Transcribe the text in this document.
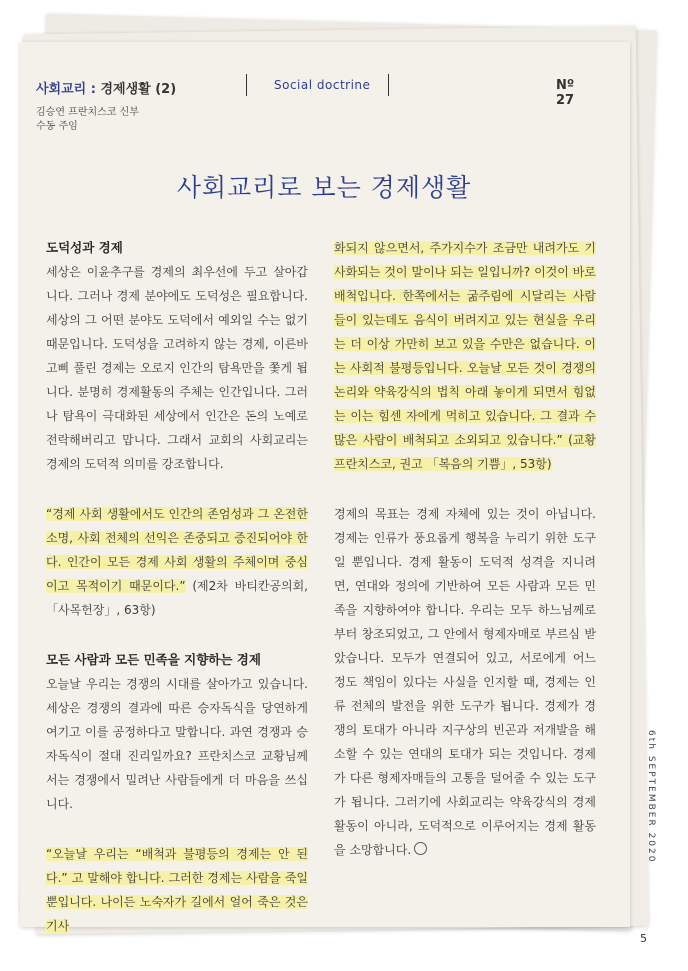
사회교리 : 경제생활 (2)	Social doctrine	Nº 27
김승연 프란치스코 신부
수동 주임
사회교리로 보는 경제생활
도덕성과 경제

세상은 이윤추구를 경제의 최우선에 두고 살아갑니다. 그러나 경제 분야에도 도덕성은 필요합니다. 세상의 그 어떤 분야도 도덕에서 예외일 수는 없기 때문입니다. 도덕성을 고려하지 않는 경제, 이른바 고삐 풀린 경제는 오로지 인간의 탐욕만을 쫓게 됩니다. 분명히 경제활동의 주체는 인간입니다. 그러나 탐욕이 극대화된 세상에서 인간은 돈의 노예로 전락해버리고 맙니다. 그래서 교회의 사회교리는 경제의 도덕적 의미를 강조합니다.

“경제 사회 생활에서도 인간의 존엄성과 그 온전한 소명, 사회 전체의 선익은 존중되고 증진되어야 한다. 인간이 모든 경제 사회 생활의 주체이며 중심이고 목적이기 때문이다.” (제2차 바티칸공의회, 「사목헌장」, 63항)

모든 사람과 모든 민족을 지향하는 경제

오늘날 우리는 경쟁의 시대를 살아가고 있습니다. 세상은 경쟁의 결과에 따른 승자독식을 당연하게 여기고 이를 공정하다고 말합니다. 과연 경쟁과 승자독식이 절대 진리일까요? 프란치스코 교황님께서는 경쟁에서 밀려난 사람들에게 더 마음을 쓰십니다.

“오늘날 우리는 “배척과 불평등의 경제는 안 된다.” 고 말해야 합니다. 그러한 경제는 사람을 죽일 뿐입니다. 나이든 노숙자가 길에서 얼어 죽은 것은 기사

화되지 않으면서, 주가지수가 조금만 내려가도 기사화되는 것이 말이나 되는 일입니까? 이것이 바로 배척입니다. 한쪽에서는 굶주림에 시달리는 사람들이 있는데도 음식이 버려지고 있는 현실을 우리는 더 이상 가만히 보고 있을 수만은 없습니다. 이는 사회적 불평등입니다. 오늘날 모든 것이 경쟁의 논리와 약육강식의 법칙 아래 놓이게 되면서 힘없는 이는 힘센 자에게 먹히고 있습니다. 그 결과 수많은 사람이 배척되고 소외되고 있습니다.” (교황 프란치스코, 권고 「복음의 기쁨」, 53항)

경제의 목표는 경제 자체에 있는 것이 아닙니다. 경제는 인류가 풍요롭게 행복을 누리기 위한 도구일 뿐입니다. 경제 활동이 도덕적 성격을 지니려면, 연대와 정의에 기반하여 모든 사람과 모든 민족을 지향하여야 합니다. 우리는 모두 하느님께로부터 창조되었고, 그 안에서 형제자매로 부르심 받았습니다. 모두가 연결되어 있고, 서로에게 어느 정도 책임이 있다는 사실을 인지할 때, 경제는 인류 전체의 발전을 위한 도구가 됩니다. 경제가 경쟁의 토대가 아니라 지구상의 빈곤과 저개발을 해소할 수 있는 연대의 토대가 되는 것입니다. 경제가 다른 형제자매들의 고통을 덜어줄 수 있는 도구가 됩니다. 그러기에 사회교리는 약육강식의 경제 활동이 아니라, 도덕적으로 이루어지는 경제 활동을 소망합니다.	6th SEPTEMBER 2020
5
